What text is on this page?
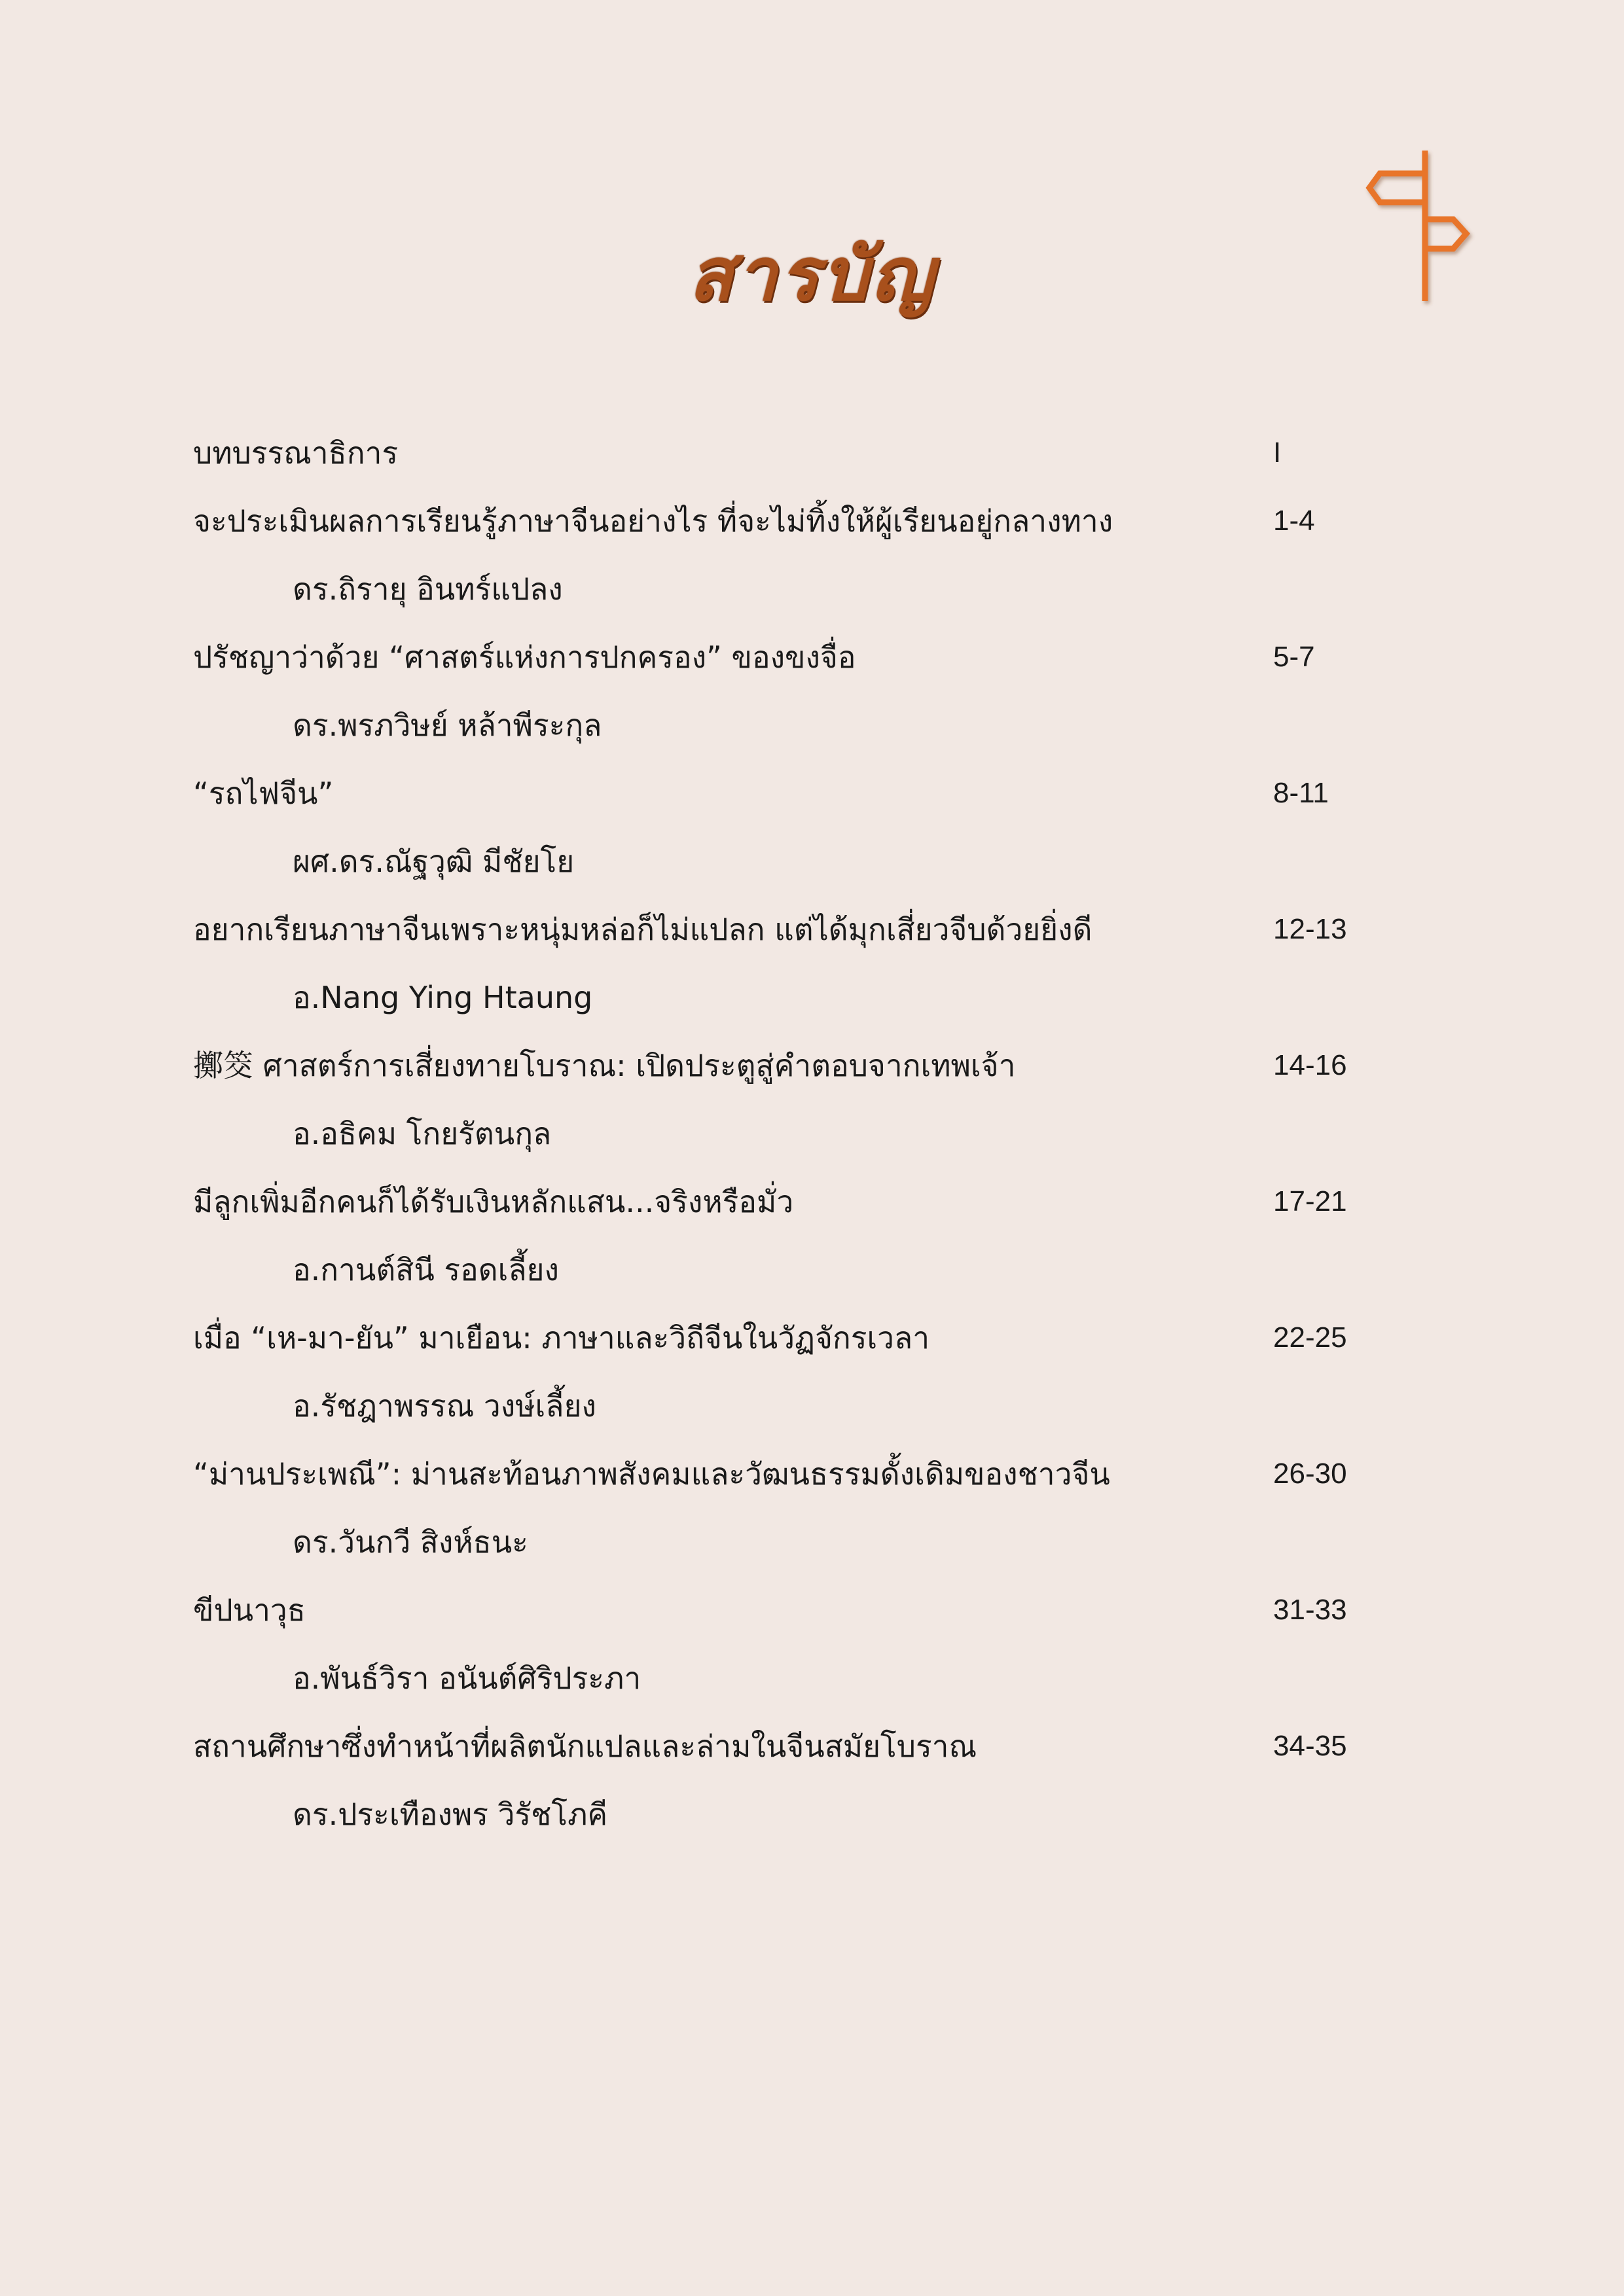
สารบัญ
บทบรรณาธิการ	I
จะประเมินผลการเรียนรู้ภาษาจีนอย่างไร ที่จะไม่ทิ้งให้ผู้เรียนอยู่กลางทาง	1-4
ดร.ถิรายุ อินทร์แปลง
ปรัชญาว่าด้วย “ศาสตร์แห่งการปกครอง” ของขงจื่อ	5-7
ดร.พรภวิษย์ หล้าพีระกุล
“รถไฟจีน”	8-11
ผศ.ดร.ณัฐวุฒิ มีชัยโย
อยากเรียนภาษาจีนเพราะหนุ่มหล่อก็ไม่แปลก แต่ได้มุกเสี่ยวจีบด้วยยิ่งดี	12-13
อ.Nang Ying Htaung
擲筊 ศาสตร์การเสี่ยงทายโบราณ: เปิดประตูสู่คำตอบจากเทพเจ้า	14-16
อ.อธิคม โกยรัตนกุล
มีลูกเพิ่มอีกคนก็ได้รับเงินหลักแสน...จริงหรือมั่ว	17-21
อ.กานต์สินี รอดเลี้ยง
เมื่อ “เห-มา-ยัน” มาเยือน: ภาษาและวิถีจีนในวัฏจักรเวลา	22-25
อ.รัชฎาพรรณ วงษ์เลี้ยง
“ม่านประเพณี”: ม่านสะท้อนภาพสังคมและวัฒนธรรมดั้งเดิมของชาวจีน	26-30
ดร.วันกวี สิงห์ธนะ
ขีปนาวุธ	31-33
อ.พันธ์วิรา อนันต์ศิริประภา
สถานศึกษาซึ่งทำหน้าที่ผลิตนักแปลและล่ามในจีนสมัยโบราณ	34-35
ดร.ประเทืองพร วิรัชโภคี
